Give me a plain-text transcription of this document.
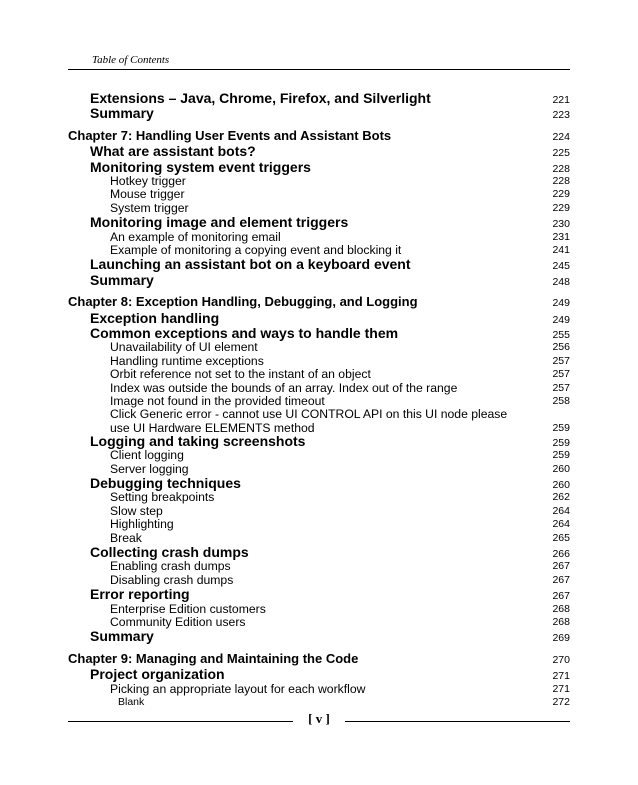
Table of Contents
Extensions – Java, Chrome, Firefox, and Silverlight	221
Summary	223
Chapter 7: Handling User Events and Assistant Bots	224
What are assistant bots?	225
Monitoring system event triggers	228
Hotkey trigger	228
Mouse trigger	229
System trigger	229
Monitoring image and element triggers	230
An example of monitoring email	231
Example of monitoring a copying event and blocking it	241
Launching an assistant bot on a keyboard event	245
Summary	248
Chapter 8: Exception Handling, Debugging, and Logging	249
Exception handling	249
Common exceptions and ways to handle them	255
Unavailability of UI element	256
Handling runtime exceptions	257
Orbit reference not set to the instant of an object	257
Index was outside the bounds of an array. Index out of the range	257
Image not found in the provided timeout	258
Click Generic error - cannot use UI CONTROL API on this UI node please
use UI Hardware ELEMENTS method	259
Logging and taking screenshots	259
Client logging	259
Server logging	260
Debugging techniques	260
Setting breakpoints	262
Slow step	264
Highlighting	264
Break	265
Collecting crash dumps	266
Enabling crash dumps	267
Disabling crash dumps	267
Error reporting	267
Enterprise Edition customers	268
Community Edition users	268
Summary	269
Chapter 9: Managing and Maintaining the Code	270
Project organization	271
Picking an appropriate layout for each workflow	271
Blank	272
[ v ]
